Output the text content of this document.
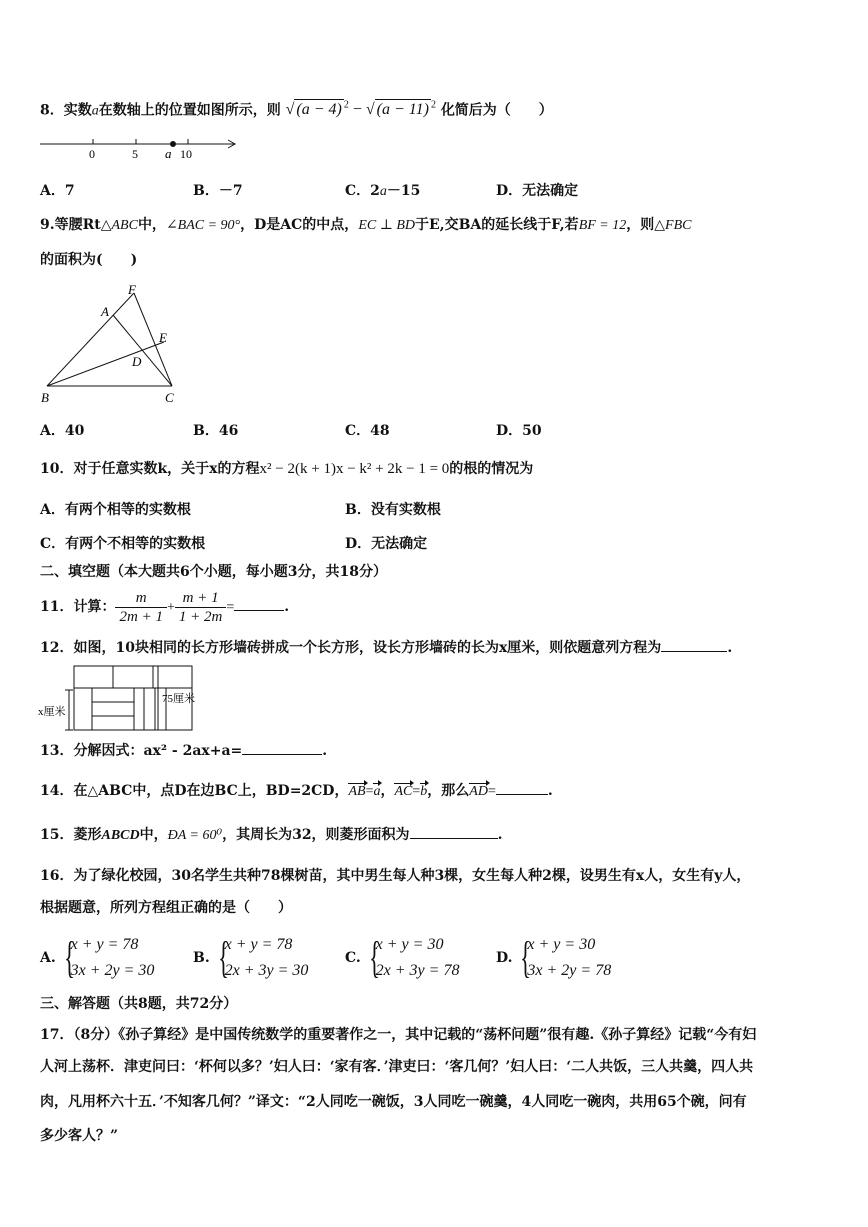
8．实数a在数轴上的位置如图所示，则 √ (a − 4) $^2$ − √ (a − 11) $^2$ 化简后为（　　）
0	5 a 10
A．7	B．－7	C．2a－15	D．无法确定
9.等腰Rt△ABC中，∠BAC = 90°，D是AC的中点，EC ⊥ BD于E,交BA的延长线于F,若BF = 12，则△FBC
的面积为(　　)
F
A
E
D
B	C
A．40	B．46	C．48	D．50
10．对于任意实数k，关于x的方程x² − 2(k + 1)x − k² + 2k − 1 = 0的根的情况为
A．有两个相等的实数根	B．没有实数根
C．有两个不相等的实数根	D．无法确定
二、填空题（本大题共6个小题，每小题3分，共18分）
11．计算： $\frac{m}{2m + 1} + \frac{m + 1}{1 + 2m}$ =	.
12．如图，10块相同的长方形墙砖拼成一个长方形，设长方形墙砖的长为x厘米，则依题意列方程为	.
x厘米
75厘米
13．分解因式：ax² ‑ 2ax+a=	.
14．在△ABC中，点D在边BC上，BD=2CD，AB=a，AC=b，那么AD=	.
15．菱形ABCD中，ÐA = 60⁰，其周长为32，则菱形面积为	.
16．为了绿化校园，30名学生共种78棵树苗，其中男生每人种3棵，女生每人种2棵，设男生有x人，女生有y人，
根据题意，所列方程组正确的是（　　）
A.
{ x + y = 78
3x + 2y = 30
B.
{ x + y = 78
2x + 3y = 30
C.
{ x + y = 30
2x + 3y = 78
D.
{ x + y = 30
3x + 2y = 78
三、解答题（共8题，共72分）
17．（8分）《孙子算经》是中国传统数学的重要著作之一，其中记载的“荡杯问题”很有趣.《孙子算经》记载“今有妇
人河上荡杯．津吏问曰：‘杯何以多？’妇人曰：‘家有客．’津吏曰：‘客几何？’妇人曰：‘二人共饭，三人共羹，四人共
肉，凡用杯六十五．’不知客几何？”译文：“2人同吃一碗饭，3人同吃一碗羹，4人同吃一碗肉，共用65个碗，问有
多少客人？”
